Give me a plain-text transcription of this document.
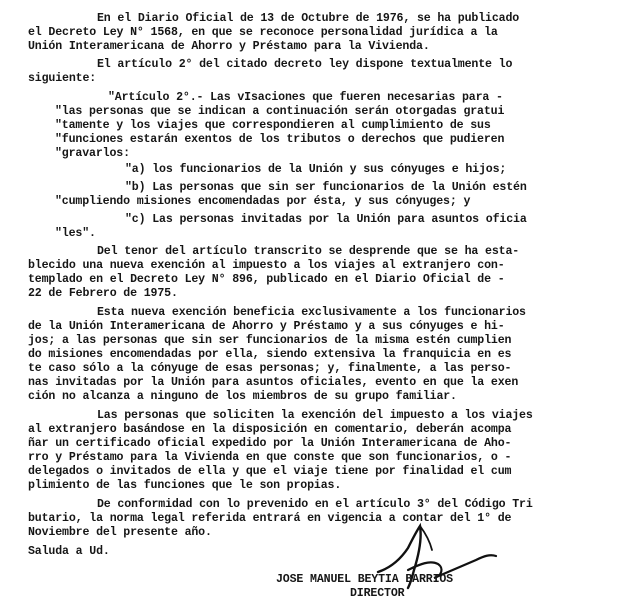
En el Diario Oficial de 13 de Octubre de 1976, se ha publicado
el Decreto Ley N° 1568, en que se reconoce personalidad jurídica a la
Unión Interamericana de Ahorro y Préstamo para la Vivienda.
El artículo 2° del citado decreto ley dispone textualmente lo
siguiente:
"Artículo 2°.- Las vIsaciones que fueren necesarias para -
"las personas que se indican a continuación serán otorgadas gratui
"tamente y los viajes que correspondieren al cumplimiento de sus
"funciones estarán exentos de los tributos o derechos que pudieren
"gravarlos:
"a) los funcionarios de la Unión y sus cónyuges e hijos;
"b) Las personas que sin ser funcionarios de la Unión estén
"cumpliendo misiones encomendadas por ésta, y sus cónyuges; y
"c) Las personas invitadas por la Unión para asuntos oficia
"les".
Del tenor del artículo transcrito se desprende que se ha esta-
blecido una nueva exención al impuesto a los viajes al extranjero con-
templado en el Decreto Ley N° 896, publicado en el Diario Oficial de -
22 de Febrero de 1975.
Esta nueva exención beneficia exclusivamente a los funcionarios
de la Unión Interamericana de Ahorro y Préstamo y a sus cónyuges e hi-
jos; a las personas que sin ser funcionarios de la misma estén cumplien
do misiones encomendadas por ella, siendo extensiva la franquicia en es
te caso sólo a la cónyuge de esas personas; y, finalmente, a las perso-
nas invitadas por la Unión para asuntos oficiales, evento en que la exen
ción no alcanza a ninguno de los miembros de su grupo familiar.
Las personas que soliciten la exención del impuesto a los viajes
al extranjero basándose en la disposición en comentario, deberán acompa
ñar un certificado oficial expedido por la Unión Interamericana de Aho-
rro y Préstamo para la Vivienda en que conste que son funcionarios, o -
delegados o invitados de ella y que el viaje tiene por finalidad el cum
plimiento de las funciones que le son propias.
De conformidad con lo prevenido en el artículo 3° del Código Tri
butario, la norma legal referida entrará en vigencia a contar del 1° de
Noviembre del presente año.
Saluda a Ud.
JOSE MANUEL BEYTIA BARRIOS
DIRECTOR
